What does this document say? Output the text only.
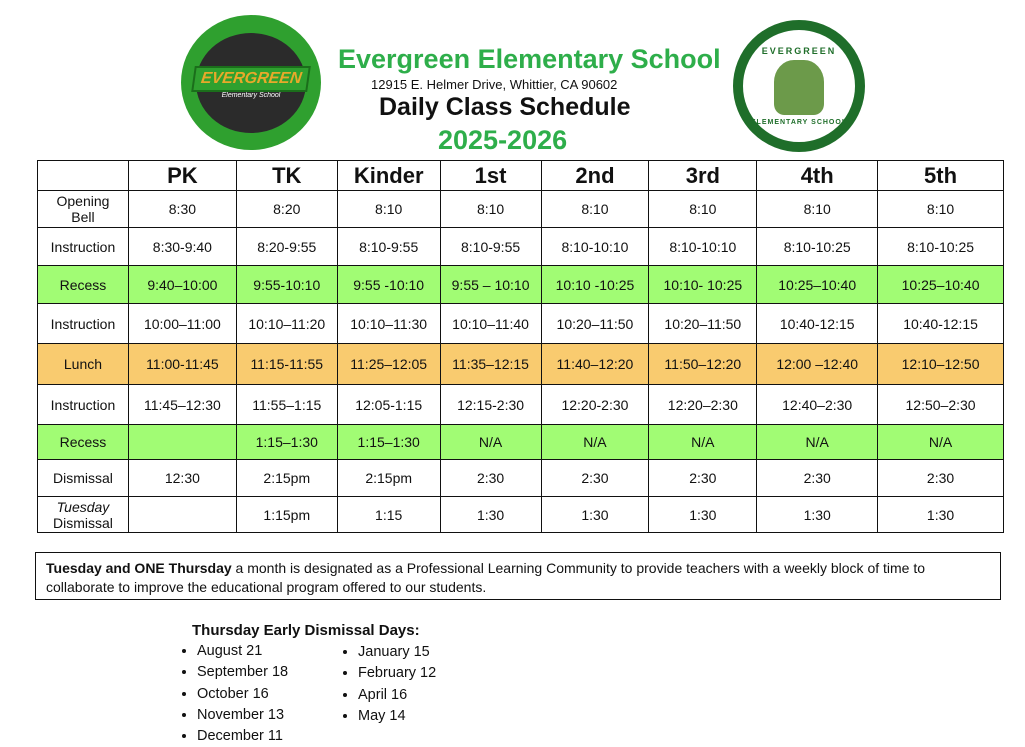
EVERGREEN
Elementary School
EVERGREEN
ELEMENTARY SCHOOL
Evergreen Elementary School
12915 E. Helmer Drive, Whittier, CA 90602
Daily Class Schedule
2025-2026
	PK	TK	Kinder	1st	2nd	3rd	4th	5th
Opening Bell	8:30	8:20	8:10	8:10	8:10	8:10	8:10	8:10
Instruction	8:30-9:40	8:20-9:55	8:10-9:55	8:10-9:55	8:10-10:10	8:10-10:10	8:10-10:25	8:10-10:25
Recess	9:40–10:00	9:55-10:10	9:55 -10:10	9:55 – 10:10	10:10 -10:25	10:10- 10:25	10:25–10:40	10:25–10:40
Instruction	10:00–11:00	10:10–11:20	10:10–11:30	10:10–11:40	10:20–11:50	10:20–11:50	10:40-12:15	10:40-12:15
Lunch	11:00-11:45	11:15-11:55	11:25–12:05	11:35–12:15	11:40–12:20	11:50–12:20	12:00 –12:40	12:10–12:50
Instruction	11:45–12:30	11:55–1:15	12:05-1:15	12:15-2:30	12:20-2:30	12:20–2:30	12:40–2:30	12:50–2:30
Recess		1:15–1:30	1:15–1:30	N/A	N/A	N/A	N/A	N/A
Dismissal	12:30	2:15pm	2:15pm	2:30	2:30	2:30	2:30	2:30
Tuesday
Dismissal		1:15pm	1:15	1:30	1:30	1:30	1:30	1:30
Tuesday and ONE Thursday a month is designated as a Professional Learning Community to provide teachers with a weekly block of time to collaborate to improve the educational program offered to our students.
Thursday Early Dismissal Days:
• August 21
• September 18
• October 16
• November 13
• December 11
• January 15
• February 12
• April 16
• May 14
